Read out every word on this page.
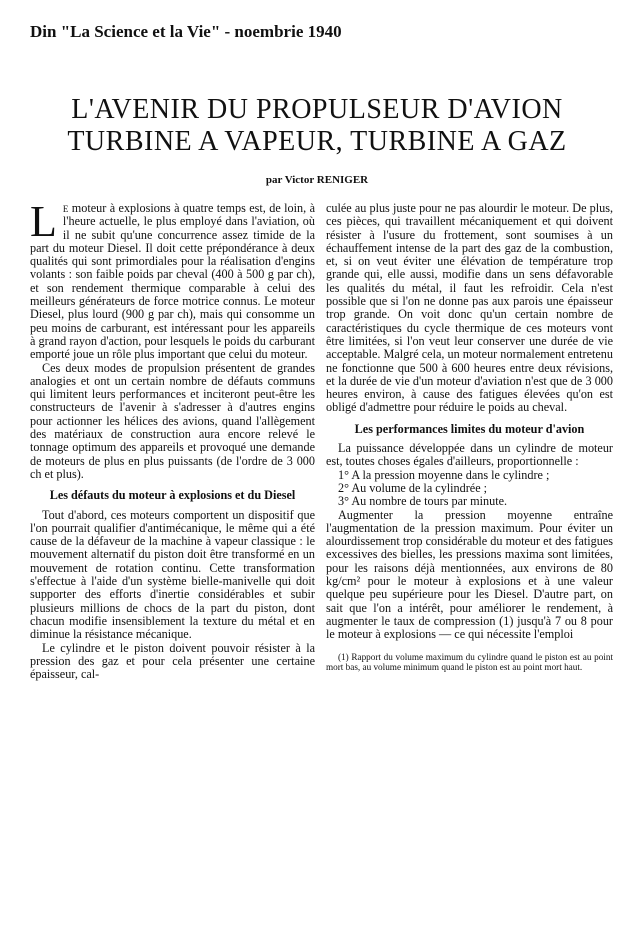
Din "La Science et la Vie" - noembrie 1940
L'AVENIR DU PROPULSEUR D'AVION
TURBINE A VAPEUR, TURBINE A GAZ
par Victor RENIGER

Le moteur à explosions à quatre temps est, de loin, à l'heure actuelle, le plus employé dans l'aviation, où il ne subit qu'une concurrence assez timide de la part du moteur Diesel. Il doit cette prépondérance à deux qualités qui sont primordiales pour la réalisation d'engins volants : son faible poids par cheval (400 à 500 g par ch), et son rendement thermique comparable à celui des meilleurs générateurs de force motrice connus. Le moteur Diesel, plus lourd (900 g par ch), mais qui consomme un peu moins de carburant, est intéressant pour les appareils à grand rayon d'action, pour lesquels le poids du carburant emporté joue un rôle plus important que celui du moteur.

Ces deux modes de propulsion présentent de grandes analogies et ont un certain nombre de défauts communs qui limitent leurs performances et inciteront peut-être les constructeurs de l'avenir à s'adresser à d'autres engins pour actionner les hélices des avions, quand l'allègement des matériaux de construction aura encore relevé le tonnage optimum des appareils et provoqué une demande de moteurs de plus en plus puissants (de l'ordre de 3 000 ch et plus).

Les défauts du moteur à explosions et du Diesel

Tout d'abord, ces moteurs comportent un dispositif que l'on pourrait qualifier d'antimécanique, le même qui a été cause de la défaveur de la machine à vapeur classique : le mouvement alternatif du piston doit être transformé en un mouvement de rotation continu. Cette transformation s'effectue à l'aide d'un système bielle-manivelle qui doit supporter des efforts d'inertie considérables et subir plusieurs millions de chocs de la part du piston, dont chacun modifie insensiblement la texture du métal et en diminue la résistance mécanique.

Le cylindre et le piston doivent pouvoir résister à la pression des gaz et pour cela présenter une certaine épaisseur, cal-

culée au plus juste pour ne pas alourdir le moteur. De plus, ces pièces, qui travaillent mécaniquement et qui doivent résister à l'usure du frottement, sont soumises à un échauffement intense de la part des gaz de la combustion, et, si on veut éviter une élévation de température trop grande qui, elle aussi, modifie dans un sens défavorable les qualités du métal, il faut les refroidir. Cela n'est possible que si l'on ne donne pas aux parois une épaisseur trop grande. On voit donc qu'un certain nombre de caractéristiques du cycle thermique de ces moteurs vont être limitées, si l'on veut leur conserver une durée de vie acceptable. Malgré cela, un moteur normalement entretenu ne fonctionne que 500 à 600 heures entre deux révisions, et la durée de vie d'un moteur d'aviation n'est que de 3 000 heures environ, à cause des fatigues élevées qu'on est obligé d'admettre pour réduire le poids au cheval.

Les performances limites du moteur d'avion

La puissance développée dans un cylindre de moteur est, toutes choses égales d'ailleurs, proportionnelle :

1° A la pression moyenne dans le cylindre ;
2° Au volume de la cylindrée ;
3° Au nombre de tours par minute.

Augmenter la pression moyenne entraîne l'augmentation de la pression maximum. Pour éviter un alourdissement trop considérable du moteur et des fatigues excessives des bielles, les pressions maxima sont limitées, pour les raisons déjà mentionnées, aux environs de 80 kg/cm² pour le moteur à explosions et à une valeur quelque peu supérieure pour les Diesel. D'autre part, on sait que l'on a intérêt, pour améliorer le rendement, à augmenter le taux de compression (1) jusqu'à 7 ou 8 pour le moteur à explosions — ce qui nécessite l'emploi

(1) Rapport du volume maximum du cylindre quand le piston est au point mort bas, au volume minimum quand le piston est au point mort haut.
